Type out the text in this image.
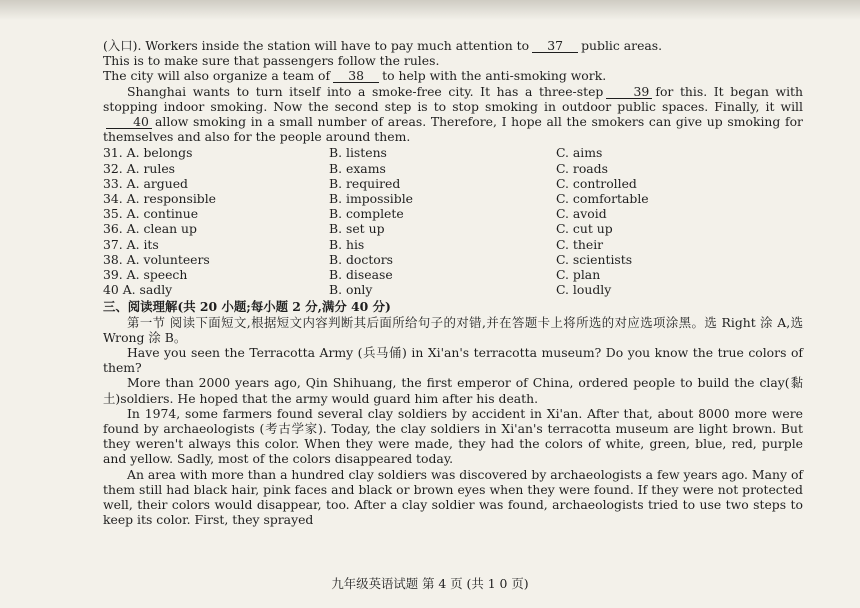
(入口). Workers inside the station will have to pay much attention to 37 public areas.

This is to make sure that passengers follow the rules.

The city will also organize a team of 38 to help with the anti-smoking work.

Shanghai wants to turn itself into a smoke-free city. It has a three-step 39 for this. It began with stopping indoor smoking. Now the second step is to stop smoking in outdoor public spaces. Finally, it will40 allow smoking in a small number of areas. Therefore, I hope all the smokers can give up smoking for themselves and also for the people around them.

31. A. belongs	B. listens	C. aims
32. A. rules	B. exams	C. roads
33. A. argued	B. required	C. controlled
34. A. responsible	B. impossible	C. comfortable
35. A. continue	B. complete	C. avoid
36. A. clean up	B. set up	C. cut up
37. A. its	B. his	C. their
38. A. volunteers	B. doctors	C. scientists
39. A. speech	B. disease	C. plan
40 A. sadly	B. only	C. loudly

三、阅读理解(共 20 小题;每小题 2 分,满分 40 分)

第一节 阅读下面短文,根据短文内容判断其后面所给句子的对错,并在答题卡上将所选的对应选项涂黑。选 Right 涂 A,选 Wrong 涂 B。

Have you seen the Terracotta Army (兵马俑) in Xi'an's terracotta museum? Do you know the true colors of them?

More than 2000 years ago, Qin Shihuang, the first emperor of China, ordered people to build the clay(黏土)soldiers. He hoped that the army would guard him after his death.

In 1974, some farmers found several clay soldiers by accident in Xi'an. After that, about 8000 more were found by archaeologists (考古学家). Today, the clay soldiers in Xi'an's terracotta museum are light brown. But they weren't always this color. When they were made, they had the colors of white, green, blue, red, purple and yellow. Sadly, most of the colors disappeared today.

An area with more than a hundred clay soldiers was discovered by archaeologists a few years ago. Many of them still had black hair, pink faces and black or brown eyes when they were found. If they were not protected well, their colors would disappear, too. After a clay soldier was found, archaeologists tried to use two steps to keep its color. First, they sprayed

九年级英语试题 第 4 页 (共 1 0 页)
